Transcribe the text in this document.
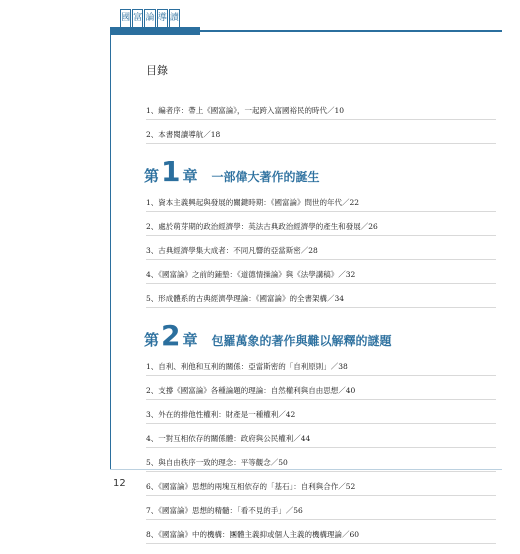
國 富 論 導 讀
目錄

1、編者序：帶上《國富論》，一起跨入富國裕民的時代／10

2、本書閱讀導航／18

第 1 章 一部偉大著作的誕生

1、資本主義興起與發展的關鍵時期：《國富論》問世的年代／22

2、處於萌芽期的政治經濟學：英法古典政治經濟學的產生和發展／26

3、古典經濟學集大成者：不同凡響的亞當斯密／28

4、《國富論》之前的鋪墊：《道德情操論》與《法學講稿》／32

5、形成體系的古典經濟學理論：《國富論》的全書架構／34

第 2 章 包羅萬象的著作與難以解釋的謎題

1、自利、利他和互利的關係：亞當斯密的「自利原則」／38

2、支撐《國富論》各種論題的理論：自然權利與自由思想／40

3、外在的排他性權利：財產是一種權利／42

4、一對互相依存的關係體：政府與公民權利／44

5、與自由秩序一致的理念：平等觀念／50

6、《國富論》思想的兩塊互相依存的「基石」：自利與合作／52

7、《國富論》思想的精髓：「看不見的手」／56

8、《國富論》中的機構：團體主義抑或個人主義的機構理論／60

12
